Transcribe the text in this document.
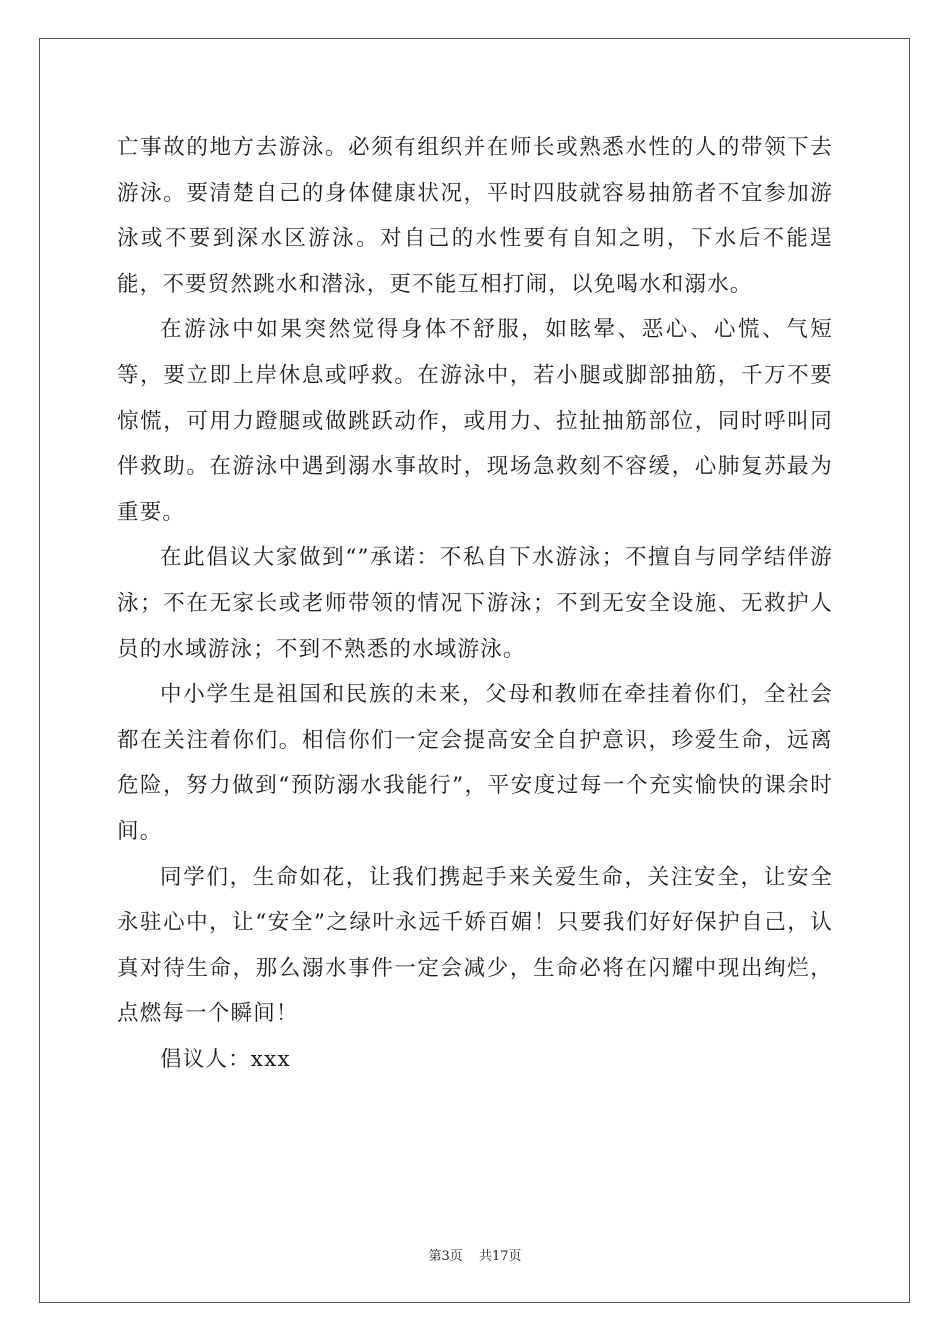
亡事故的地方去游泳。必须有组织并在师长或熟悉水性的人的带领下去游泳。要清楚自己的身体健康状况，平时四肢就容易抽筋者不宜参加游泳或不要到深水区游泳。对自己的水性要有自知之明，下水后不能逞能，不要贸然跳水和潜泳，更不能互相打闹，以免喝水和溺水。

在游泳中如果突然觉得身体不舒服，如眩晕、恶心、心慌、气短等，要立即上岸休息或呼救。在游泳中，若小腿或脚部抽筋，千万不要惊慌，可用力蹬腿或做跳跃动作，或用力、拉扯抽筋部位，同时呼叫同伴救助。在游泳中遇到溺水事故时，现场急救刻不容缓，心肺复苏最为重要。

在此倡议大家做到“”承诺：不私自下水游泳；不擅自与同学结伴游泳；不在无家长或老师带领的情况下游泳；不到无安全设施、无救护人员的水域游泳；不到不熟悉的水域游泳。

中小学生是祖国和民族的未来，父母和教师在牵挂着你们，全社会都在关注着你们。相信你们一定会提高安全自护意识，珍爱生命，远离危险，努力做到“预防溺水我能行”，平安度过每一个充实愉快的课余时间。

同学们，生命如花，让我们携起手来关爱生命，关注安全，让安全永驻心中，让“安全”之绿叶永远千娇百媚！只要我们好好保护自己，认真对待生命，那么溺水事件一定会减少，生命必将在闪耀中现出绚烂，点燃每一个瞬间！

倡议人：xxx

第3页 共17页
